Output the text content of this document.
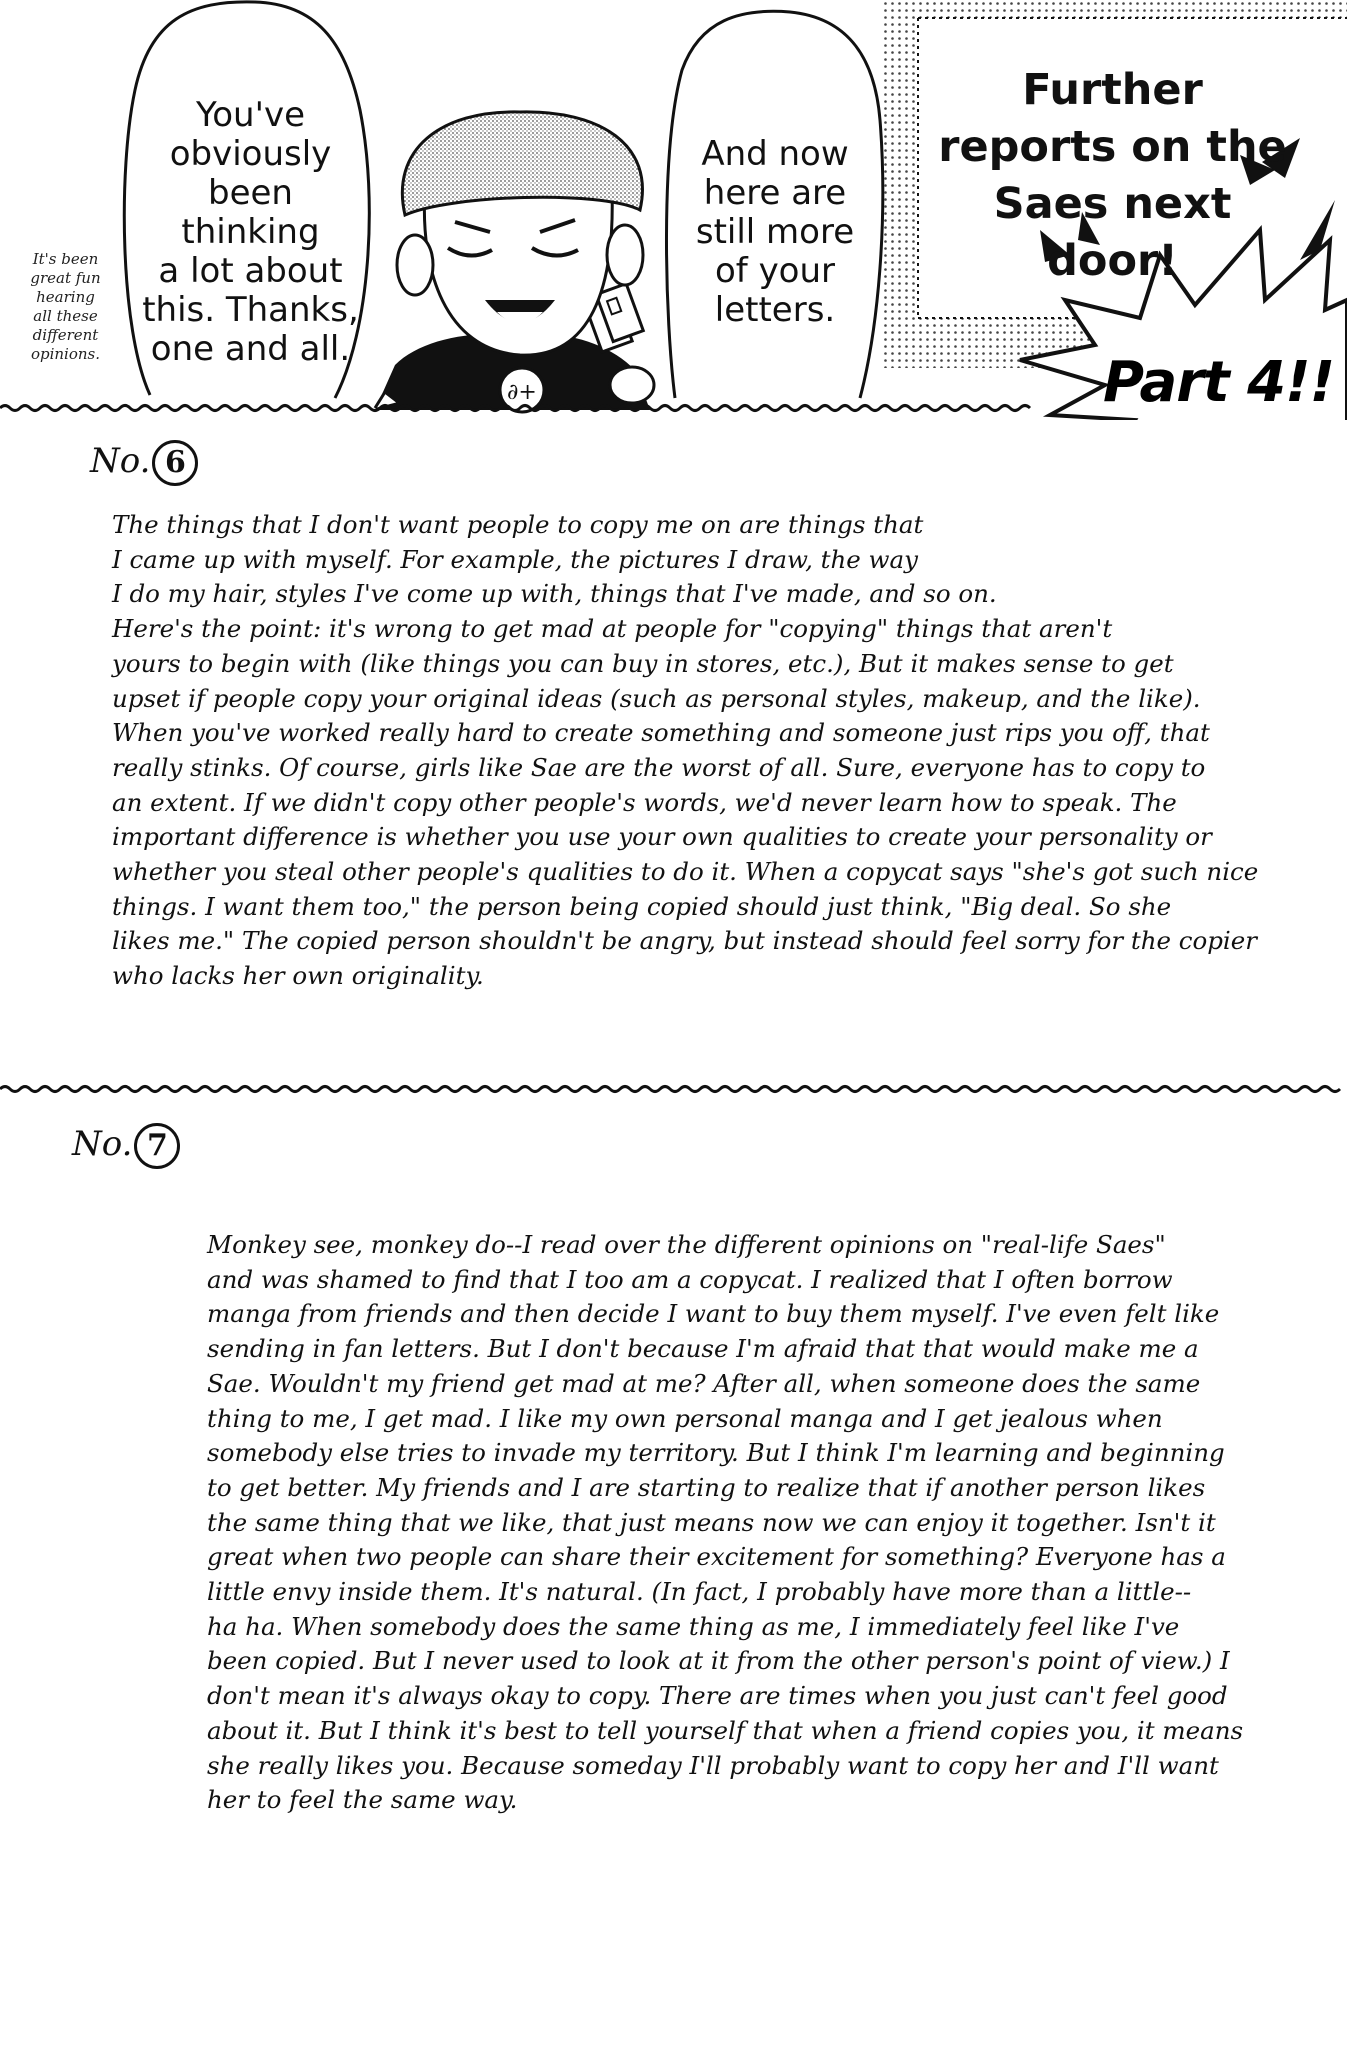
∂+
You've
obviously
been thinking
a lot about
this. Thanks,
one and all.
It's been
great fun
hearing
all these
different
opinions.
And now
here are
still more
of your
letters.
Further
reports on the
Saes next
door!
Part 4!!
No. 6
The things that I don't want people to copy me on are things that
I came up with myself. For example, the pictures I draw, the way
I do my hair, styles I've come up with, things that I've made, and so on.
Here's the point: it's wrong to get mad at people for "copying" things that aren't
yours to begin with (like things you can buy in stores, etc.), But it makes sense to get
upset if people copy your original ideas (such as personal styles, makeup, and the like).
When you've worked really hard to create something and someone just rips you off, that
really stinks. Of course, girls like Sae are the worst of all. Sure, everyone has to copy to
an extent. If we didn't copy other people's words, we'd never learn how to speak. The
important difference is whether you use your own qualities to create your personality or
whether you steal other people's qualities to do it. When a copycat says "she's got such nice
things. I want them too," the person being copied should just think, "Big deal. So she
likes me." The copied person shouldn't be angry, but instead should feel sorry for the copier
who lacks her own originality.
No. 7
Monkey see, monkey do--I read over the different opinions on "real-life Saes"
and was shamed to find that I too am a copycat. I realized that I often borrow
manga from friends and then decide I want to buy them myself. I've even felt like
sending in fan letters. But I don't because I'm afraid that that would make me a
Sae. Wouldn't my friend get mad at me? After all, when someone does the same
thing to me, I get mad. I like my own personal manga and I get jealous when
somebody else tries to invade my territory. But I think I'm learning and beginning
to get better. My friends and I are starting to realize that if another person likes
the same thing that we like, that just means now we can enjoy it together. Isn't it
great when two people can share their excitement for something? Everyone has a
little envy inside them. It's natural. (In fact, I probably have more than a little--
ha ha. When somebody does the same thing as me, I immediately feel like I've
been copied. But I never used to look at it from the other person's point of view.) I
don't mean it's always okay to copy. There are times when you just can't feel good
about it. But I think it's best to tell yourself that when a friend copies you, it means
she really likes you. Because someday I'll probably want to copy her and I'll want
her to feel the same way.
